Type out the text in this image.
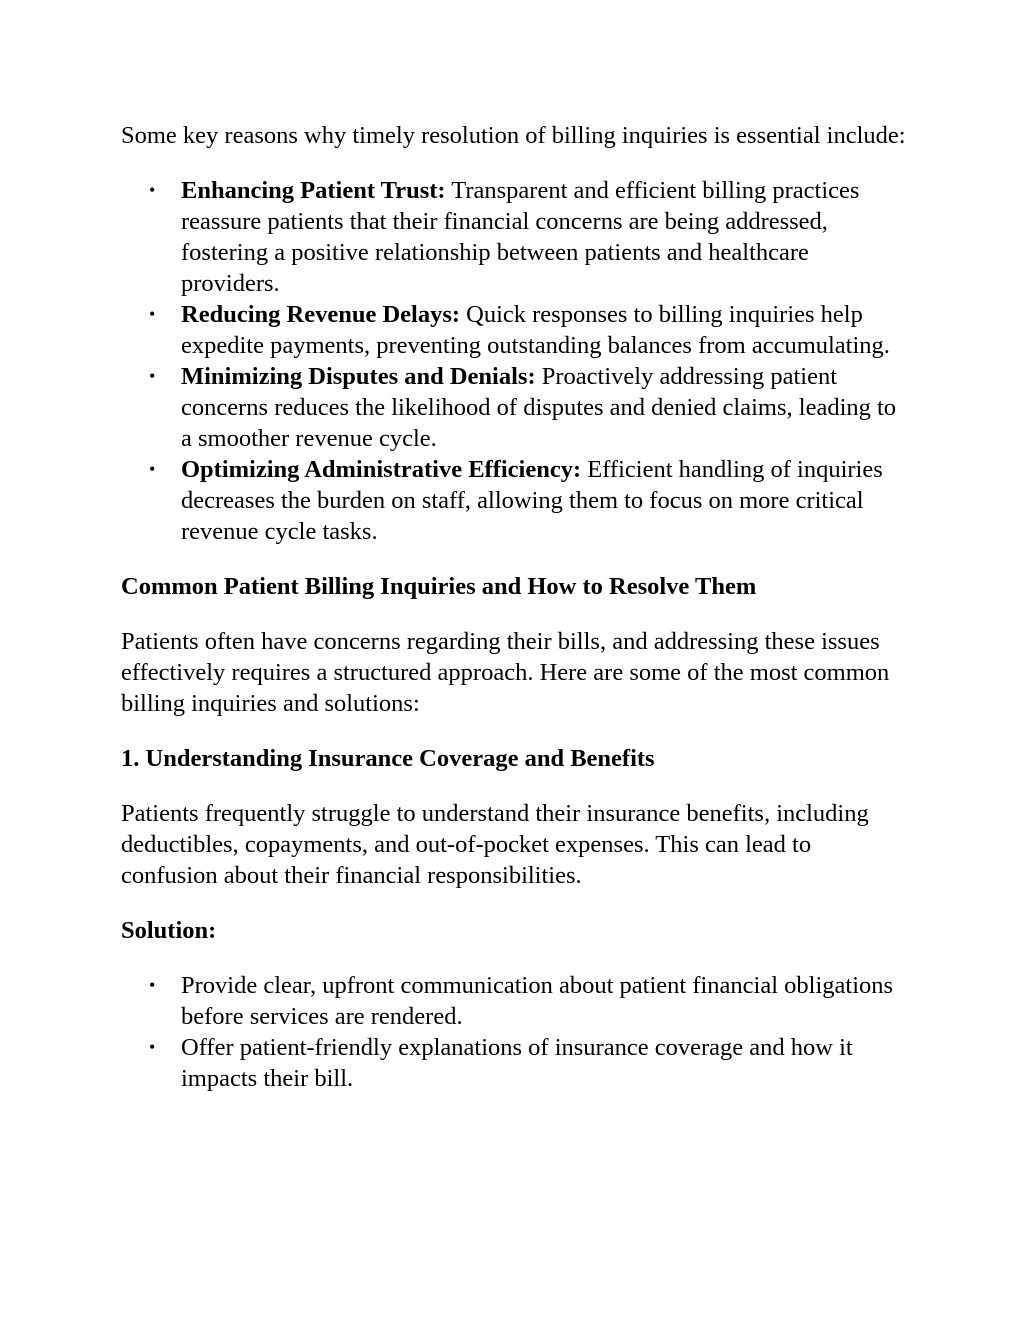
Some key reasons why timely resolution of billing inquiries is essential include:

• Enhancing Patient Trust: Transparent and efficient billing practices reassure patients that their financial concerns are being addressed, fostering a positive relationship between patients and healthcare providers.
• Reducing Revenue Delays: Quick responses to billing inquiries help expedite payments, preventing outstanding balances from accumulating.
• Minimizing Disputes and Denials: Proactively addressing patient concerns reduces the likelihood of disputes and denied claims, leading to a smoother revenue cycle.
• Optimizing Administrative Efficiency: Efficient handling of inquiries decreases the burden on staff, allowing them to focus on more critical revenue cycle tasks.
Common Patient Billing Inquiries and How to Resolve Them

Patients often have concerns regarding their bills, and addressing these issues effectively requires a structured approach. Here are some of the most common billing inquiries and solutions:

1. Understanding Insurance Coverage and Benefits

Patients frequently struggle to understand their insurance benefits, including deductibles, copayments, and out-of-pocket expenses. This can lead to confusion about their financial responsibilities.

Solution:
• Provide clear, upfront communication about patient financial obligations before services are rendered.
• Offer patient-friendly explanations of insurance coverage and how it impacts their bill.
